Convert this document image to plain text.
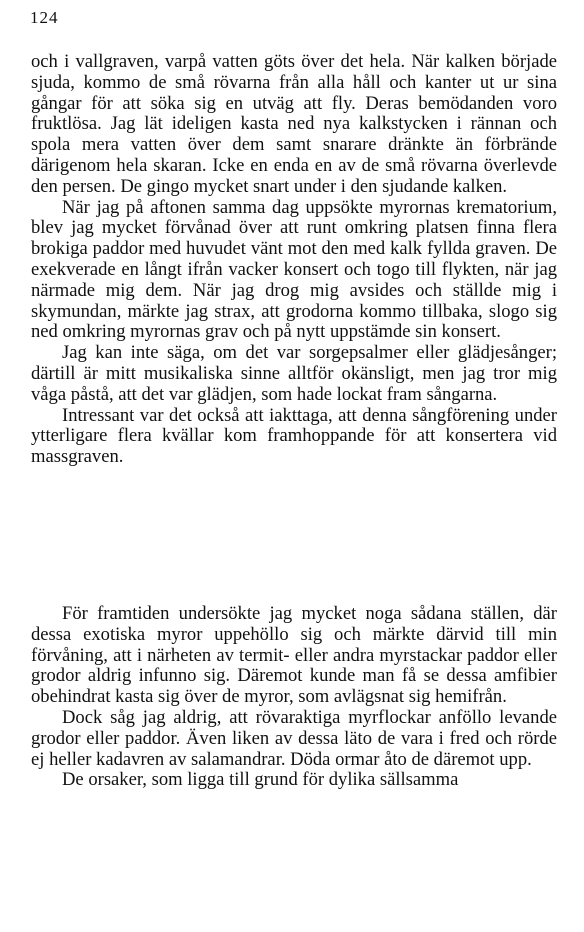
124

och i vallgraven, varpå vatten göts över det hela. När kalken började sjuda, kommo de små rövarna från alla håll och kanter ut ur sina gångar för att söka sig en utväg att fly. Deras bemödanden voro fruktlösa. Jag lät ideligen kasta ned nya kalkstycken i rännan och spola mera vatten över dem samt snarare dränkte än förbrände därigenom hela skaran. Icke en enda en av de små rövarna överlevde den persen. De gingo mycket snart under i den sjudande kalken.

När jag på aftonen samma dag uppsökte myrornas krematorium, blev jag mycket förvånad över att runt omkring platsen finna flera brokiga paddor med huvudet vänt mot den med kalk fyllda graven. De exekverade en långt ifrån vacker konsert och togo till flykten, när jag närmade mig dem. När jag drog mig avsides och ställde mig i skymundan, märkte jag strax, att grodorna kommo tillbaka, slogo sig ned omkring myrornas grav och på nytt uppstämde sin konsert.

Jag kan inte säga, om det var sorgepsalmer eller glädjesånger; därtill är mitt musikaliska sinne alltför okänsligt, men jag tror mig våga påstå, att det var glädjen, som hade lockat fram sångarna.

Intressant var det också att iakttaga, att denna sångförening under ytterligare flera kvällar kom framhoppande för att konsertera vid massgraven.

För framtiden undersökte jag mycket noga sådana ställen, där dessa exotiska myror uppehöllo sig och märkte därvid till min förvåning, att i närheten av termit- eller andra myrstackar paddor eller grodor aldrig infunno sig. Däremot kunde man få se dessa amfibier obehindrat kasta sig över de myror, som avlägsnat sig hemifrån.

Dock såg jag aldrig, att rövaraktiga myrflockar anföllo levande grodor eller paddor. Även liken av dessa läto de vara i fred och rörde ej heller kadavren av salamandrar. Döda ormar åto de däremot upp.

De orsaker, som ligga till grund för dylika sällsamma
